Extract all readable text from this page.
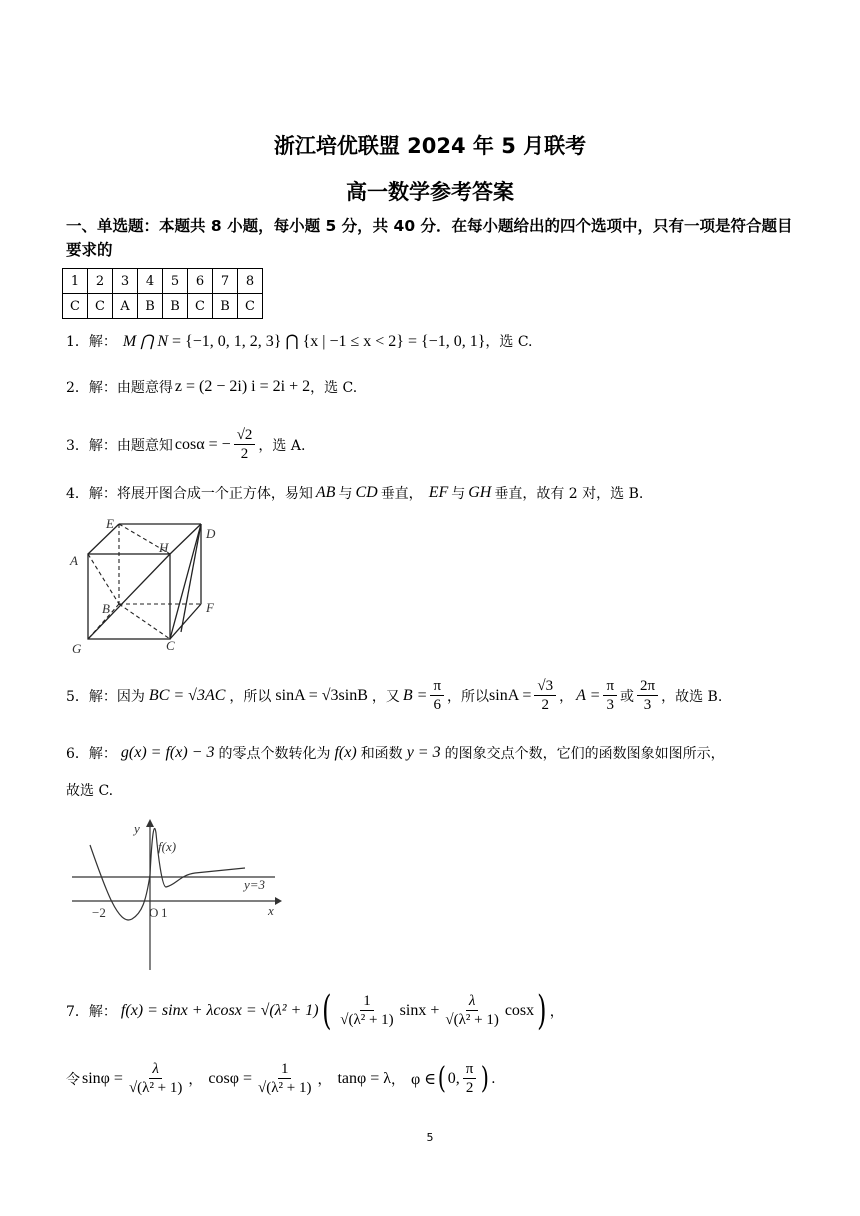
浙江培优联盟 2024 年 5 月联考
高一数学参考答案
一、单选题：本题共 8 小题，每小题 5 分，共 40 分．在每小题给出的四个选项中，只有一项是符合题目要求的
1	2	3	4	5	6	7	8
C	C	A	B	B	C	B	C
1．解： M ⋂ N = {−1, 0, 1, 2, 3} ⋂ {x | −1 ≤ x < 2} = {−1, 0, 1} ，选 C.
2．解：由题意得 z = (2 − 2i) i = 2i + 2 ，选 C.
3．解：由题意知 cosα = − $\frac{√2}{2}$ ，选 A.
4．解：将展开图合成一个正方体，易知 AB 与 CD 垂直， EF 与 GH 垂直，故有 2 对，选 B.
E
D
A
H
B	F
G	C
5．解：因为 BC = √3AC ，所以 sinA = √3sinB ，又 $B = \frac{\pi}{6}$ ，所以 $\sin A = \frac{√3}{2}$ ， $A = \frac{\pi}{3}$ 或 $\frac{2\pi}{3}$ ，故选 B.
6．解： g(x) = f(x) − 3 的零点个数转化为 f(x) 和函数 y = 3 的图象交点个数，它们的函数图象如图所示，
故选 C.
y
x
f(x)
y=3
−2	O 1
7．解： f(x) = sinx + λcosx = √(λ² + 1) ( $\frac{1}{\text{√(λ² + 1)}}$ $\sin x + \frac{\lambda}{\text{√(λ² + 1)}}$ cosx ) ，
令 $\sin\varphi = \frac{\lambda}{\text{√(λ² + 1)}}$ ， $\cos\varphi = \frac{1}{\text{√(λ² + 1)}}$ ， tanφ = λ ， φ ∈ ( 0, $\frac{\pi}{2}$ ) .
5
